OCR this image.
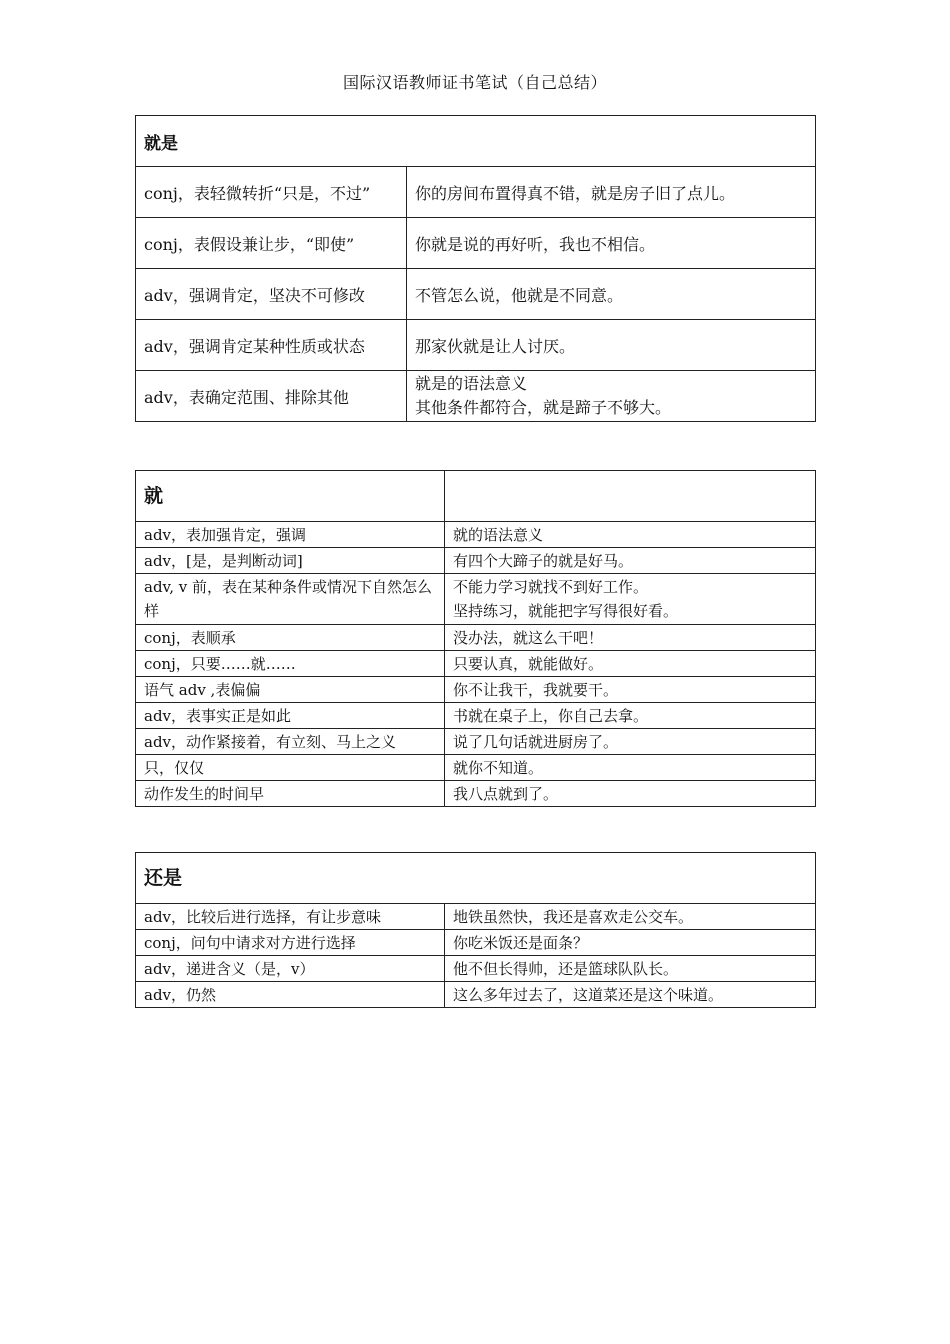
国际汉语教师证书笔试（自己总结）
就是	
conj，表轻微转折“只是，不过”	你的房间布置得真不错，就是房子旧了点儿。
conj，表假设兼让步，“即使”	你就是说的再好听，我也不相信。
adv，强调肯定，坚决不可修改	不管怎么说，他就是不同意。
adv，强调肯定某种性质或状态	那家伙就是让人讨厌。
adv，表确定范围、排除其他	就是的语法意义
其他条件都符合，就是蹄子不够大。
就	
adv，表加强肯定，强调	就的语法意义
adv，[是，是判断动词]	有四个大蹄子的就是好马。
adv, v 前，表在某种条件或情况下自然怎么样	不能力学习就找不到好工作。
坚持练习，就能把字写得很好看。

conj，表顺承	没办法，就这么干吧！
conj，只要……就……	只要认真，就能做好。
语气 adv ,表偏偏	你不让我干，我就要干。
adv，表事实正是如此	书就在桌子上，你自己去拿。
adv，动作紧接着，有立刻、马上之义	说了几句话就进厨房了。
只，仅仅	就你不知道。
动作发生的时间早	我八点就到了。
还是	
adv，比较后进行选择，有让步意味	地铁虽然快，我还是喜欢走公交车。
conj，问句中请求对方进行选择	你吃米饭还是面条？
adv，递进含义（是，v）	他不但长得帅，还是篮球队队长。
adv，仍然	这么多年过去了，这道菜还是这个味道。
